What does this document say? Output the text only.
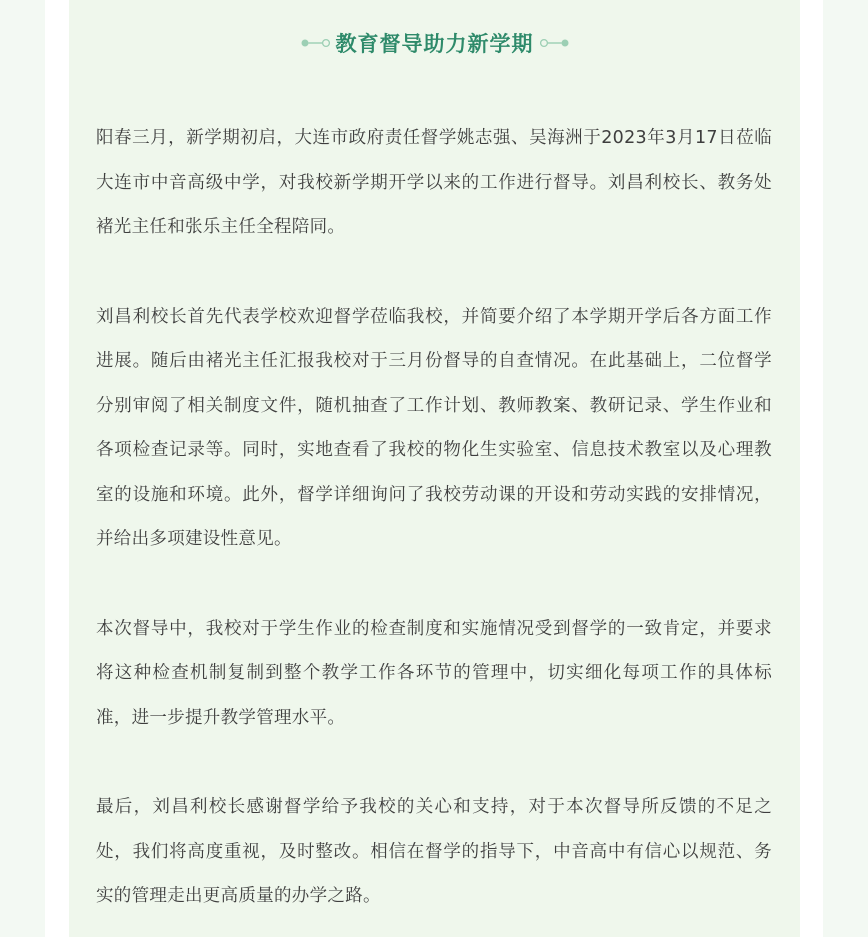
教育督导助力新学期

阳春三月，新学期初启，大连市政府责任督学姚志强、吴海洲于2023年3月17日莅临大连市中音高级中学，对我校新学期开学以来的工作进行督导。刘昌利校长、教务处褚光主任和张乐主任全程陪同。

刘昌利校长首先代表学校欢迎督学莅临我校，并简要介绍了本学期开学后各方面工作进展。随后由褚光主任汇报我校对于三月份督导的自查情况。在此基础上，二位督学分别审阅了相关制度文件，随机抽查了工作计划、教师教案、教研记录、学生作业和各项检查记录等。同时，实地查看了我校的物化生实验室、信息技术教室以及心理教室的设施和环境。此外，督学详细询问了我校劳动课的开设和劳动实践的安排情况，并给出多项建设性意见。

本次督导中，我校对于学生作业的检查制度和实施情况受到督学的一致肯定，并要求将这种检查机制复制到整个教学工作各环节的管理中，切实细化每项工作的具体标准，进一步提升教学管理水平。

最后，刘昌利校长感谢督学给予我校的关心和支持，对于本次督导所反馈的不足之处，我们将高度重视，及时整改。相信在督学的指导下，中音高中有信心以规范、务实的管理走出更高质量的办学之路。
